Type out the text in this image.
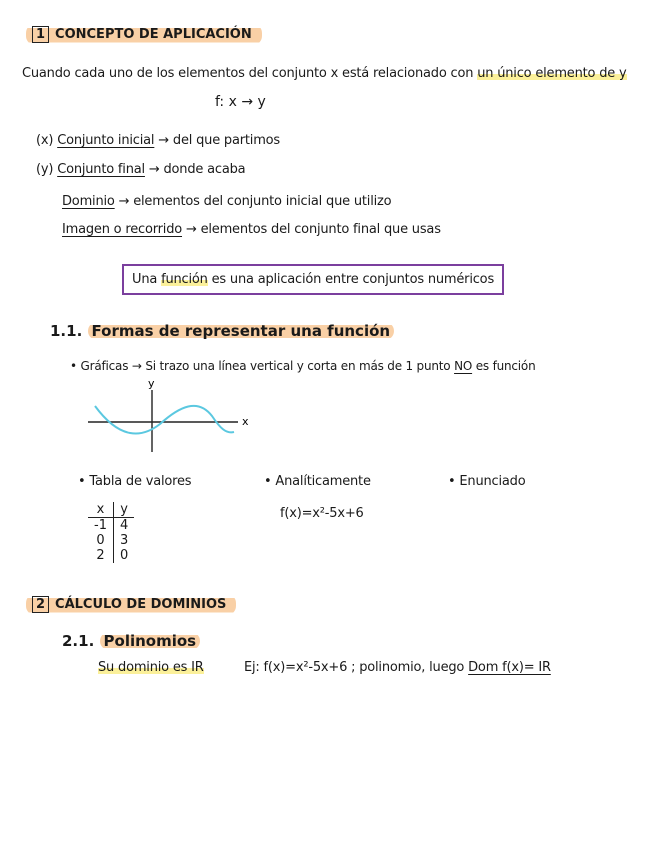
1 CONCEPTO DE APLICACIÓN
Cuando cada uno de los elementos del conjunto x está relacionado con un único elemento de y
f: x → y
(x) Conjunto inicial → del que partimos
(y) Conjunto final → donde acaba
Dominio → elementos del conjunto inicial que utilizo
Imagen o recorrido → elementos del conjunto final que usas
Una función es una aplicación entre conjuntos numéricos
1.1. Formas de representar una función
• Gráficas → Si trazo una línea vertical y corta en más de 1 punto NO es función
y
x
• Tabla de valores
x	y
-1	4
0	3
2	0
• Analíticamente
f(x)=x²-5x+6
• Enunciado
2 CÁLCULO DE DOMINIOS
2.1. Polinomios
Su dominio es IR	Ej: f(x)=x²-5x+6 ; polinomio, luego Dom f(x)= IR
